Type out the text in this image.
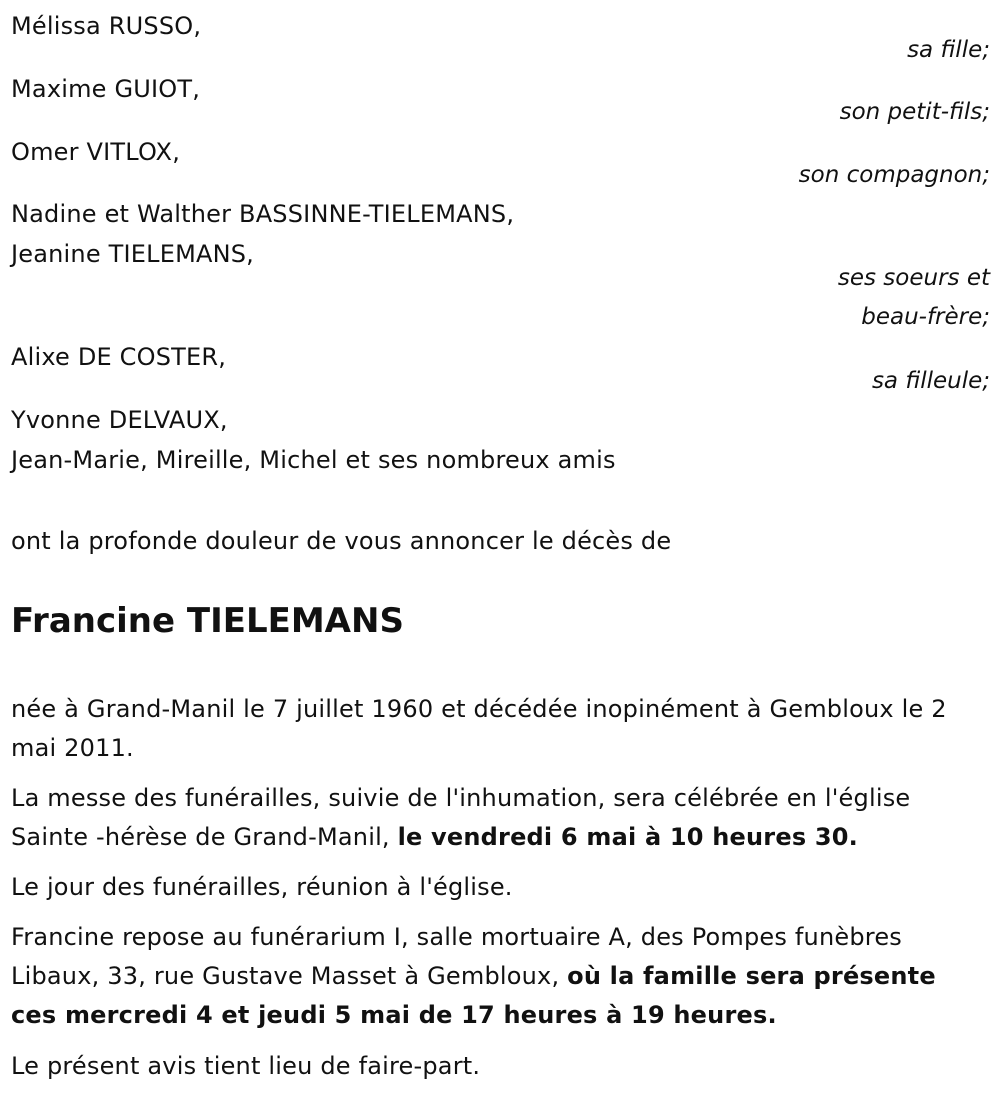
Mélissa RUSSO,
sa fille;
Maxime GUIOT,
son petit-fils;
Omer VITLOX,
son compagnon;
Nadine et Walther BASSINNE-TIELEMANS,
Jeanine TIELEMANS,
ses soeurs et
beau-frère;
Alixe DE COSTER,
sa filleule;
Yvonne DELVAUX,
Jean-Marie, Mireille, Michel et ses nombreux amis
ont la profonde douleur de vous annoncer le décès de
Francine TIELEMANS
née à Grand-Manil le 7 juillet 1960 et décédée inopinément à Gembloux le 2 mai 2011.
La messe des funérailles, suivie de l'inhumation, sera célébrée en l'église Sainte -hérèse de Grand-Manil, le vendredi 6 mai à 10 heures 30.
Le jour des funérailles, réunion à l'église.
Francine repose au funérarium I, salle mortuaire A, des Pompes funèbres Libaux, 33, rue Gustave Masset à Gembloux, où la famille sera présente ces mercredi 4 et jeudi 5 mai de 17 heures à 19 heures.
Le présent avis tient lieu de faire-part.
